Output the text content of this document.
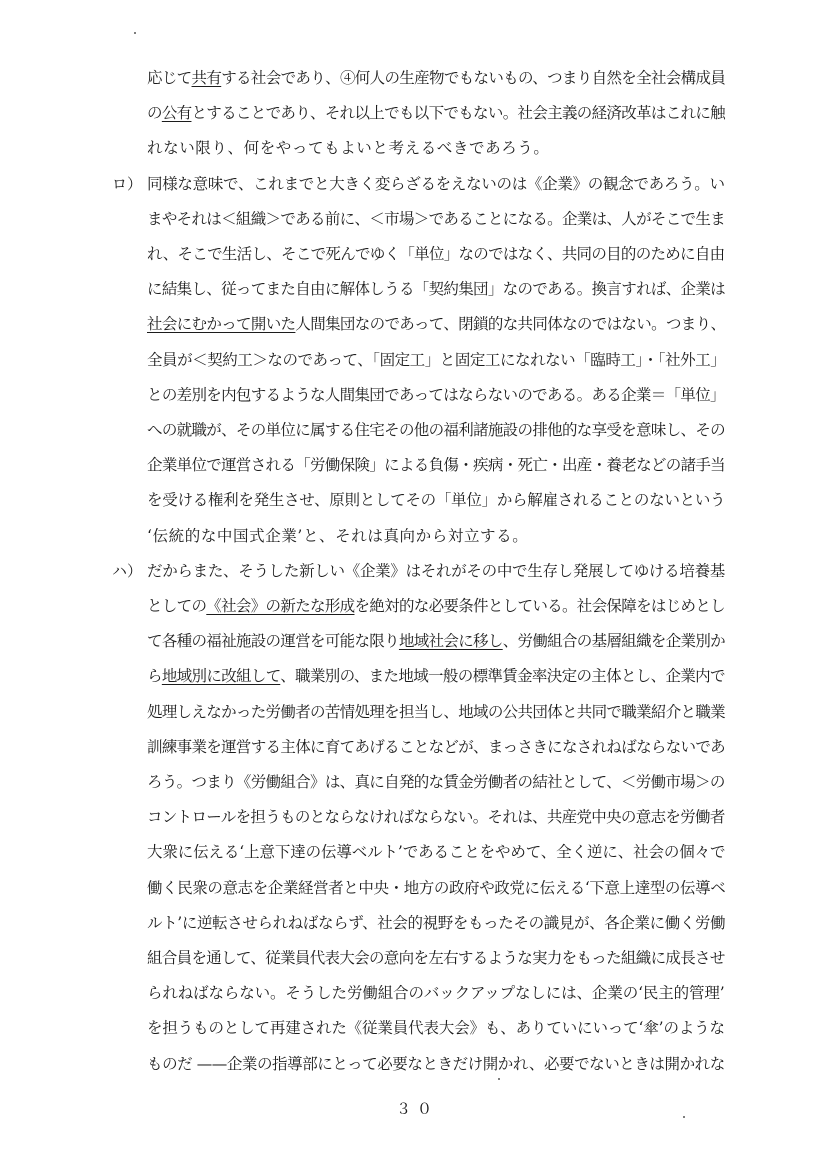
応じて共有する社会であり、④何人の生産物でもないもの、つまり自然を全社会構成員
の公有とすることであり、それ以上でも以下でもない。社会主義の経済改革はこれに触
れない限り、何をやってもよいと考えるべきであろう。
ロ） 同様な意味で、これまでと大きく変らざるをえないのは《企業》の観念であろう。い
まやそれは＜組織＞である前に、＜市場＞であることになる。企業は、人がそこで生ま
れ、そこで生活し、そこで死んでゆく「単位」なのではなく、共同の目的のために自由
に結集し、従ってまた自由に解体しうる「契約集団」なのである。換言すれば、企業は
社会にむかって開いた人間集団なのであって、閉鎖的な共同体なのではない。つまり、
全員が＜契約工＞なのであって、「固定工」と固定工になれない「臨時工」・「社外工」
との差別を内包するような人間集団であってはならないのである。ある企業＝「単位」
への就職が、その単位に属する住宅その他の福利諸施設の排他的な享受を意味し、その
企業単位で運営される「労働保険」による負傷・疾病・死亡・出産・養老などの諸手当
を受ける権利を発生させ、原則としてその「単位」から解雇されることのないという
‘伝統的な中国式企業’と、それは真向から対立する。
ハ） だからまた、そうした新しい《企業》はそれがその中で生存し発展してゆける培養基
としての《社会》の新たな形成を絶対的な必要条件としている。社会保障をはじめとし
て各種の福祉施設の運営を可能な限り地域社会に移し、労働組合の基層組織を企業別か
ら地域別に改組して、職業別の、また地域一般の標準賃金率決定の主体とし、企業内で
処理しえなかった労働者の苦情処理を担当し、地域の公共団体と共同で職業紹介と職業
訓練事業を運営する主体に育てあげることなどが、まっさきになされねばならないであ
ろう。つまり《労働組合》は、真に自発的な賃金労働者の結社として、＜労働市場＞の
コントロールを担うものとならなければならない。それは、共産党中央の意志を労働者
大衆に伝える‘上意下達の伝導ベルト’であることをやめて、全く逆に、社会の個々で
働く民衆の意志を企業経営者と中央・地方の政府や政党に伝える‘下意上達型の伝導ベ
ルト’に逆転させられねばならず、社会的視野をもったその識見が、各企業に働く労働
組合員を通して、従業員代表大会の意向を左右するような実力をもった組織に成長させ
られねばならない。そうした労働組合のバックアップなしには、企業の‘民主的管理’
を担うものとして再建された《従業員代表大会》も、ありていにいって‘傘’のような
ものだ ——企業の指導部にとって必要なときだけ開かれ、必要でないときは開かれな
３０
